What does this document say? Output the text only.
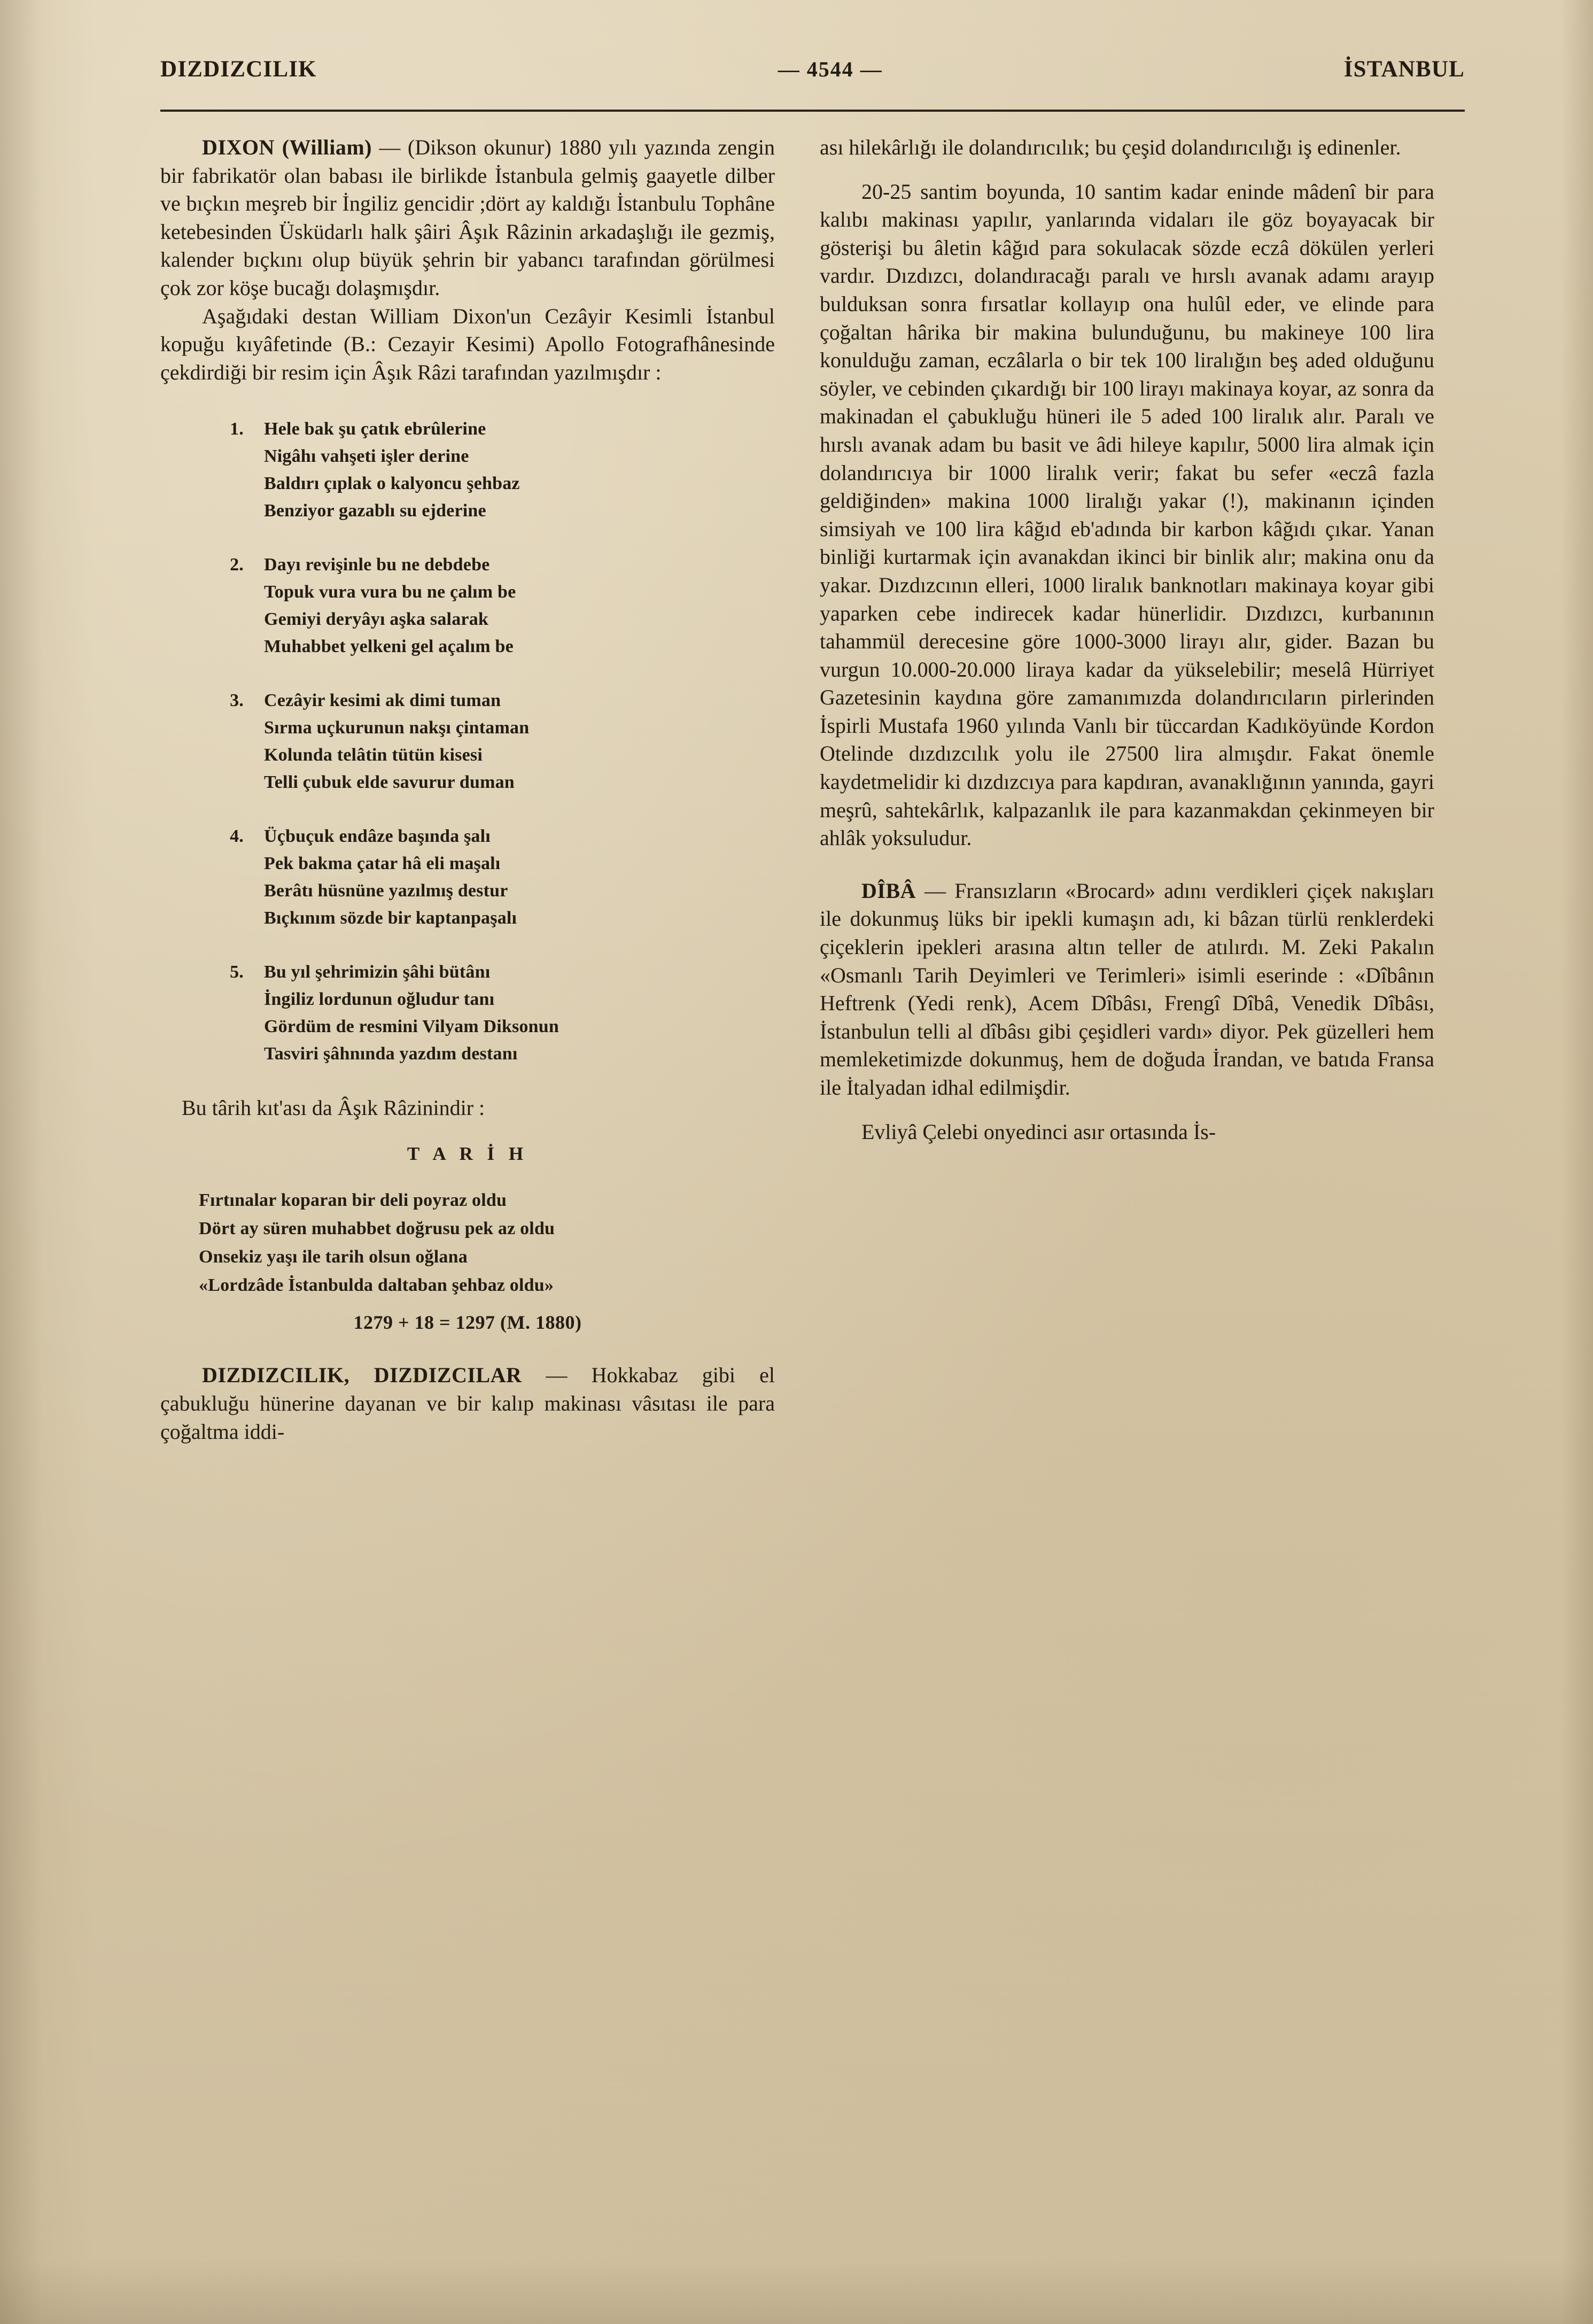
DIZDIZCILIK	— 4544 —	İSTANBUL

DIXON (William) — (Dikson okunur) 1880 yılı yazında zengin bir fabrikatör olan babası ile birlikde İstanbula gelmiş gaayetle dilber ve bıçkın meşreb bir İngiliz gencidir ;dört ay kaldığı İstanbulu Tophâne ketebesinden Üsküdarlı halk şâiri Âşık Râzinin arkadaşlığı ile gezmiş, kalender bıçkını olup büyük şehrin bir yabancı tarafından görülmesi çok zor köşe bucağı dolaşmışdır.

Aşağıdaki destan William Dixon'un Cezâyir Kesimli İstanbul kopuğu kıyâfetinde (B.: Cezayir Kesimi) Apollo Fotografhânesinde çekdirdiği bir resim için Âşık Râzi tarafından yazılmışdır :

1.	Hele bak şu çatık ebrûlerine
Nigâhı vahşeti işler derine
Baldırı çıplak o kalyoncu şehbaz
Benziyor gazablı su ejderine
2.	Dayı revişinle bu ne debdebe
Topuk vura vura bu ne çalım be
Gemiyi deryâyı aşka salarak
Muhabbet yelkeni gel açalım be
3.	Cezâyir kesimi ak dimi tuman
Sırma uçkurunun nakşı çintaman
Kolunda telâtin tütün kisesi
Telli çubuk elde savurur duman
4.	Üçbuçuk endâze başında şalı
Pek bakma çatar hâ eli maşalı
Berâtı hüsnüne yazılmış destur
Bıçkınım sözde bir kaptanpaşalı
5.	Bu yıl şehrimizin şâhi bütânı
İngiliz lordunun oğludur tanı
Gördüm de resmini Vilyam Diksonun
Tasviri şâhnında yazdım destanı
Bu târih kıt'ası da Âşık Râzinindir :
T A R İ H
Fırtınalar koparan bir deli poyraz oldu
Dört ay süren muhabbet doğrusu pek az oldu
Onsekiz yaşı ile tarih olsun oğlana
«Lordzâde İstanbulda daltaban şehbaz oldu»
1279 + 18 = 1297 (M. 1880)

DIZDIZCILIK, DIZDIZCILAR — Hokkabaz gibi el çabukluğu hünerine dayanan ve bir kalıp makinası vâsıtası ile para çoğaltma iddi-

ası hilekârlığı ile dolandırıcılık; bu çeşid dolandırıcılığı iş edinenler.

20-25 santim boyunda, 10 santim kadar eninde mâdenî bir para kalıbı makinası yapılır, yanlarında vidaları ile göz boyayacak bir gösterişi bu âletin kâğıd para sokulacak sözde eczâ dökülen yerleri vardır. Dızdızcı, dolandıracağı paralı ve hırslı avanak adamı arayıp bulduksan sonra fırsatlar kollayıp ona hulûl eder, ve elinde para çoğaltan hârika bir makina bulunduğunu, bu makineye 100 lira konulduğu zaman, eczâlarla o bir tek 100 liralığın beş aded olduğunu söyler, ve cebinden çıkardığı bir 100 lirayı makinaya koyar, az sonra da makinadan el çabukluğu hüneri ile 5 aded 100 liralık alır. Paralı ve hırslı avanak adam bu basit ve âdi hileye kapılır, 5000 lira almak için dolandırıcıya bir 1000 liralık verir; fakat bu sefer «eczâ fazla geldiğinden» makina 1000 liralığı yakar (!), makinanın içinden simsiyah ve 100 lira kâğıd eb'adında bir karbon kâğıdı çıkar. Yanan binliği kurtarmak için avanakdan ikinci bir binlik alır; makina onu da yakar. Dızdızcının elleri, 1000 liralık banknotları makinaya koyar gibi yaparken cebe indirecek kadar hünerlidir. Dızdızcı, kurbanının tahammül derecesine göre 1000-3000 lirayı alır, gider. Bazan bu vurgun 10.000-20.000 liraya kadar da yükselebilir; meselâ Hürriyet Gazetesinin kaydına göre zamanımızda dolandırıcıların pirlerinden İspirli Mustafa 1960 yılında Vanlı bir tüccardan Kadıköyünde Kordon Otelinde dızdızcılık yolu ile 27500 lira almışdır. Fakat önemle kaydetmelidir ki dızdızcıya para kapdıran, avanaklığının yanında, gayri meşrû, sahtekârlık, kalpazanlık ile para kazanmakdan çekinmeyen bir ahlâk yoksuludur.

DÎBÂ — Fransızların «Brocard» adını verdikleri çiçek nakışları ile dokunmuş lüks bir ipekli kumaşın adı, ki bâzan türlü renklerdeki çiçeklerin ipekleri arasına altın teller de atılırdı. M. Zeki Pakalın «Osmanlı Tarih Deyimleri ve Terimleri» isimli eserinde : «Dîbânın Heftrenk (Yedi renk), Acem Dîbâsı, Frengî Dîbâ, Venedik Dîbâsı, İstanbulun telli al dîbâsı gibi çeşidleri vardı» diyor. Pek güzelleri hem memleketimizde dokunmuş, hem de doğuda İrandan, ve batıda Fransa ile İtalyadan idhal edilmişdir.

Evliyâ Çelebi onyedinci asır ortasında İs-
